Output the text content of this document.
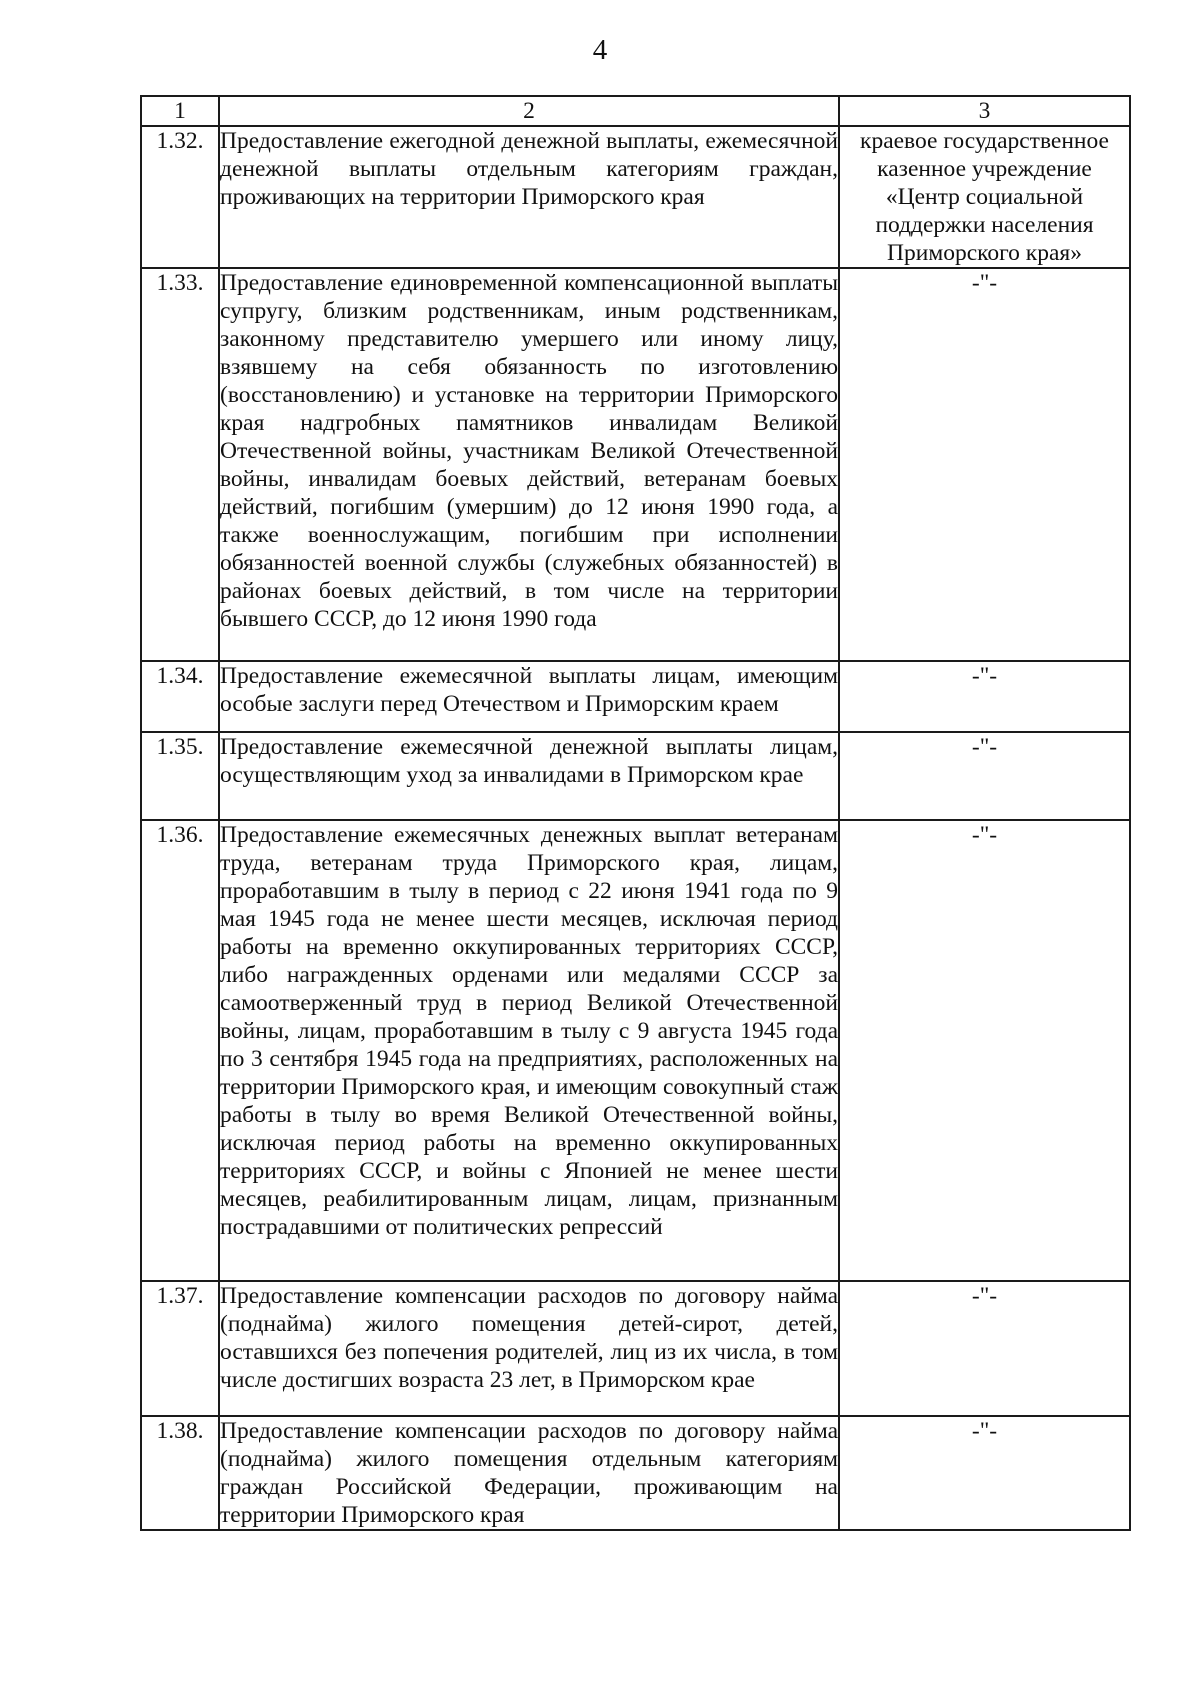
4
1	2	3
1.32.	Предоставление ежегодной денежной выплаты, ежемесячной денежной выплаты отдельным категориям граждан, проживающих на территории Приморского края	краевое государственное казенное учреждение «Центр социальной поддержки населения Приморского края»
1.33.	Предоставление единовременной компенсационной выплаты супругу, близким родственникам, иным родственникам, законному представителю умершего или иному лицу, взявшему на себя обязанность по изготовлению (восстановлению) и установке на территории Приморского края надгробных памятников инвалидам Великой Отечественной войны, участникам Великой Отечественной войны, инвалидам боевых действий, ветеранам боевых действий, погибшим (умершим) до 12 июня 1990 года, а также военнослужащим, погибшим при исполнении обязанностей военной службы (служебных обязанностей) в районах боевых действий, в том числе на территории бывшего СССР, до 12 июня 1990 года	-"-
1.34.	Предоставление ежемесячной выплаты лицам, имеющим особые заслуги перед Отечеством и Приморским краем	-"-
1.35.	Предоставление ежемесячной денежной выплаты лицам, осуществляющим уход за инвалидами в Приморском крае	-"-
1.36.	Предоставление ежемесячных денежных выплат ветеранам труда, ветеранам труда Приморского края, лицам, проработавшим в тылу в период с 22 июня 1941 года по 9 мая 1945 года не менее шести месяцев, исключая период работы на временно оккупированных территориях СССР, либо награжденных орденами или медалями СССР за самоотверженный труд в период Великой Отечественной войны, лицам, проработавшим в тылу с 9 августа 1945 года по 3 сентября 1945 года на предприятиях, расположенных на территории Приморского края, и имеющим совокупный стаж работы в тылу во время Великой Отечественной войны, исключая период работы на временно оккупированных территориях СССР, и войны с Японией не менее шести месяцев, реабилитированным лицам, лицам, признанным пострадавшими от политических репрессий	-"-
1.37.	Предоставление компенсации расходов по договору найма (поднайма) жилого помещения детей-сирот, детей, оставшихся без попечения родителей, лиц из их числа, в том числе достигших возраста 23 лет, в Приморском крае	-"-
1.38.	Предоставление компенсации расходов по договору найма (поднайма) жилого помещения отдельным категориям граждан Российской Федерации, проживающим на территории Приморского края	-"-
